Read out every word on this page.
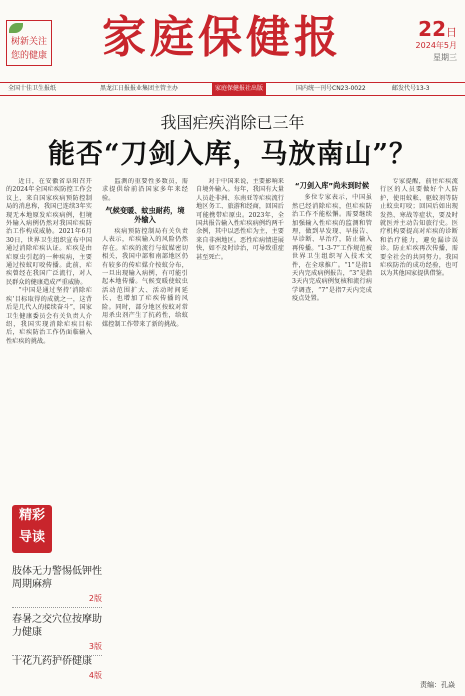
树新关注
您的健康	家庭保健报	22日
2024年5月
星期三
全国十佳卫生报纸	黑龙江日报报业集团主管主办	家庭保健报社出版	国内统一刊号CN23-0022	邮发代号13-3
我国疟疾消除已三年
能否“刀剑入库，马放南山”？

近日，在安徽省阜阳召开的2024年全国疟疾防控工作会议上，来自国家疾病预防控制局的消息称，我国已连续3年实现无本地原发疟疾病例，但境外输入病例仍然对我国疟疾防治工作构成威胁。2021年6月30日，世界卫生组织宣布中国通过消除疟疾认证。疟疾是由疟原虫引起的一种疾病，主要通过按蚊叮咬传播。此前，疟疾曾经在我国广泛流行，对人民群众的健康造成严重威胁。

“中国是通过坚持‘消除疟疾’目标取得的成就之一，这背后是几代人的接续奋斗”，国家卫生健康委员会有关负责人介绍，我国实现消除疟疾目标后，疟疾防治工作仍面临输入性疟疾的挑战。

监测的重要性多数员，需求提供给前沿国家多年来经验。

气候变暖、蚊虫耐药，境外输入

疾病预防控制局有关负责人表示，疟疾输入的风险仍然存在。疟疾的流行与蚊媒密切相关，我国中部和南部地区仍有较多的传疟媒介按蚊分布，一旦出现输入病例，有可能引起本地传播。气候变暖使蚊虫活动范围扩大、活动时间延长，也增加了疟疾传播的风险。同时，部分地区按蚊对常用杀虫剂产生了抗药性，给蚊媒控制工作带来了新的挑战。

对于中国来说，主要影响来自境外输入。每年，我国有大量人员赴非洲、东南亚等疟疾流行地区务工、旅游和经商，回国后可能携带疟原虫。2023年，全国共报告输入性疟疾病例约两千余例，其中以恶性疟为主，主要来自非洲地区。恶性疟病情进展快，如不及时诊治，可导致重症甚至死亡。

“刀剑入库”尚未到时候

多位专家表示，中国虽然已经消除疟疾，但疟疾防治工作不能松懈。需要继续加强输入性疟疾的监测和管理，做到早发现、早报告、早诊断、早治疗，防止输入再传播。“1-3-7”工作规范被世界卫生组织写入技术文件，在全球推广。“1”是指1天内完成病例报告，“3”是指3天内完成病例复核和流行病学调查，“7”是指7天内完成疫点处置。

专家提醒，前往疟疾流行区的人员要做好个人防护，使用蚊帐、驱蚊剂等防止蚊虫叮咬；回国后如出现发热、寒战等症状，要及时就医并主动告知旅行史。医疗机构要提高对疟疾的诊断和治疗能力，避免漏诊误诊。防止疟疾再次传播，需要全社会的共同努力。我国疟疾防治的成功经验，也可以为其他国家提供借鉴。

精彩
导读
肢体无力警惕低钾性周期麻痹
2版
春暑之交穴位按摩助力健康
3版
十花九药护侨健康
4版
责编：孔焱
